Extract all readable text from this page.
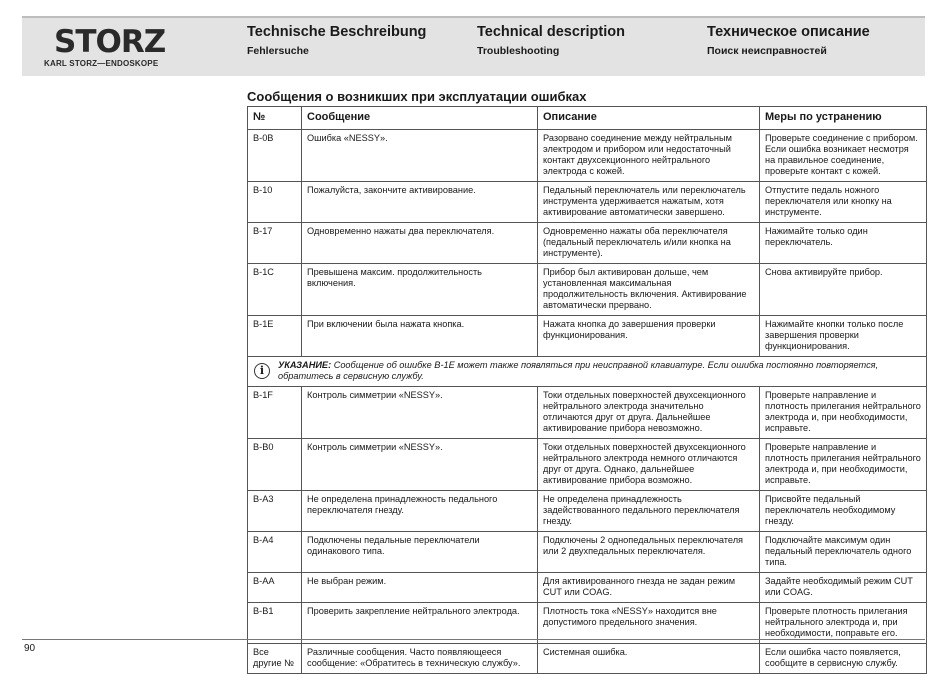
STORZ
KARL STORZ—ENDOSKOPE
Technische Beschreibung
Fehlersuche
Technical description
Troubleshooting
Техническое описание
Поиск неисправностей
Сообщения о возникших при эксплуатации ошибках
№	Сообщение	Описание	Меры по устранению
B-0B	Ошибка «NESSY».	Разорвано соединение между нейтральным электродом и прибором или недостаточный контакт двухсекционного нейтрального электрода с кожей.	Проверьте соединение с прибором. Если ошибка возникает несмотря на правильное соединение, проверьте контакт с кожей.
B-10	Пожалуйста, закончите активирование.	Педальный переключатель или переключатель инструмента удерживается нажатым, хотя активирование автоматически завершено.	Отпустите педаль ножного переключателя или кнопку на инструменте.
B-17	Одновременно нажаты два переключателя.	Одновременно нажаты оба переключателя (педальный переключатель и/или кнопка на инструменте).	Нажимайте только один переключатель.
B-1C	Превышена максим. продолжительность включения.	Прибор был активирован дольше, чем установленная максимальная продолжительность включения. Активирование автоматически прервано.	Снова активируйте прибор.
B-1E	При включении была нажата кнопка.	Нажата кнопка до завершения проверки функционирования.	Нажимайте кнопки только после завершения проверки функционирования.

i УКАЗАНИЕ: Сообщение об ошибке B-1E может также появляться при неисправной клавиатуре. Если ошибка постоянно повторяется, обратитесь в сервисную службу.			
B-1F	Контроль симметрии «NESSY».	Токи отдельных поверхностей двухсекционного нейтрального электрода значительно отличаются друг от друга. Дальнейшее активирование прибора невозможно.	Проверьте направление и плотность прилегания нейтрального электрода и, при необходимости, исправьте.
B-B0	Контроль симметрии «NESSY».	Токи отдельных поверхностей двухсекционного нейтрального электрода немного отличаются друг от друга. Однако, дальнейшее активирование прибора возможно.	Проверьте направление и плотность прилегания нейтрального электрода и, при необходимости, исправьте.
B-A3	Не определена принадлежность педального переключателя гнезду.	Не определена принадлежность задействованного педального переключателя гнезду.	Присвойте педальный переключатель необходимому гнезду.
B-A4	Подключены педальные переключатели одинакового типа.	Подключены 2 однопедальных переключателя или 2 двухпедальных переключателя.	Подключайте максимум один педальный переключатель одного типа.
B-AA	Не выбран режим.	Для активированного гнезда не задан режим CUT или COAG.	Задайте необходимый режим CUT или COAG.
B-B1	Проверить закрепление нейтрального электрода.	Плотность тока «NESSY» находится вне допустимого предельного значения.	Проверьте плотность прилегания нейтрального электрода и, при необходимости, поправьте его.
Все другие №	Различные сообщения. Часто появляющееся сообщение: «Обратитесь в техническую службу».	Системная ошибка.	Если ошибка часто появляется, сообщите в сервисную службу.
90
